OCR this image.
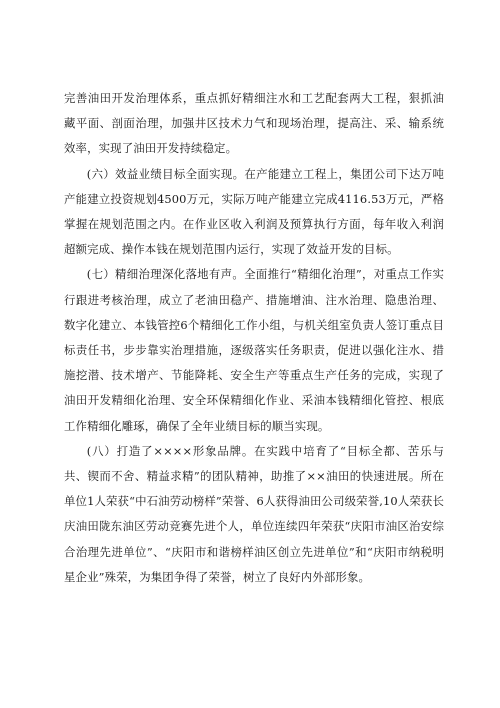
完善油田开发治理体系，重点抓好精细注水和工艺配套两大工程，狠抓油藏平面、剖面治理，加强井区技术力气和现场治理，提高注、采、输系统效率，实现了油田开发持续稳定。

(六）效益业绩目标全面实现。在产能建立工程上，集团公司下达万吨产能建立投资规划4500万元，实际万吨产能建立完成4116.53万元，严格掌握在规划范围之内。在作业区收入利润及预算执行方面，每年收入利润超额完成、操作本钱在规划范围内运行，实现了效益开发的目标。

(七）精细治理深化落地有声。全面推行“精细化治理”，对重点工作实行跟进考核治理，成立了老油田稳产、措施增油、注水治理、隐患治理、数字化建立、本钱管控6个精细化工作小组，与机关组室负责人签订重点目标责任书，步步靠实治理措施，逐级落实任务职责，促进以强化注水、措施挖潜、技术增产、节能降耗、安全生产等重点生产任务的完成，实现了油田开发精细化治理、安全环保精细化作业、采油本钱精细化管控、根底工作精细化雕琢，确保了全年业绩目标的顺当实现。

(八）打造了××××形象品牌。在实践中培育了“目标全都、苦乐与共、锲而不舍、精益求精”的团队精神，助推了××油田的快速进展。所在单位1人荣获“中石油劳动榜样”荣誉、6人获得油田公司级荣誉,10人荣获长庆油田陇东油区劳动竞赛先进个人，单位连续四年荣获“庆阳市油区治安综合治理先进单位”、“庆阳市和谐榜样油区创立先进单位”和“庆阳市纳税明星企业”殊荣，为集团争得了荣誉，树立了良好内外部形象。
